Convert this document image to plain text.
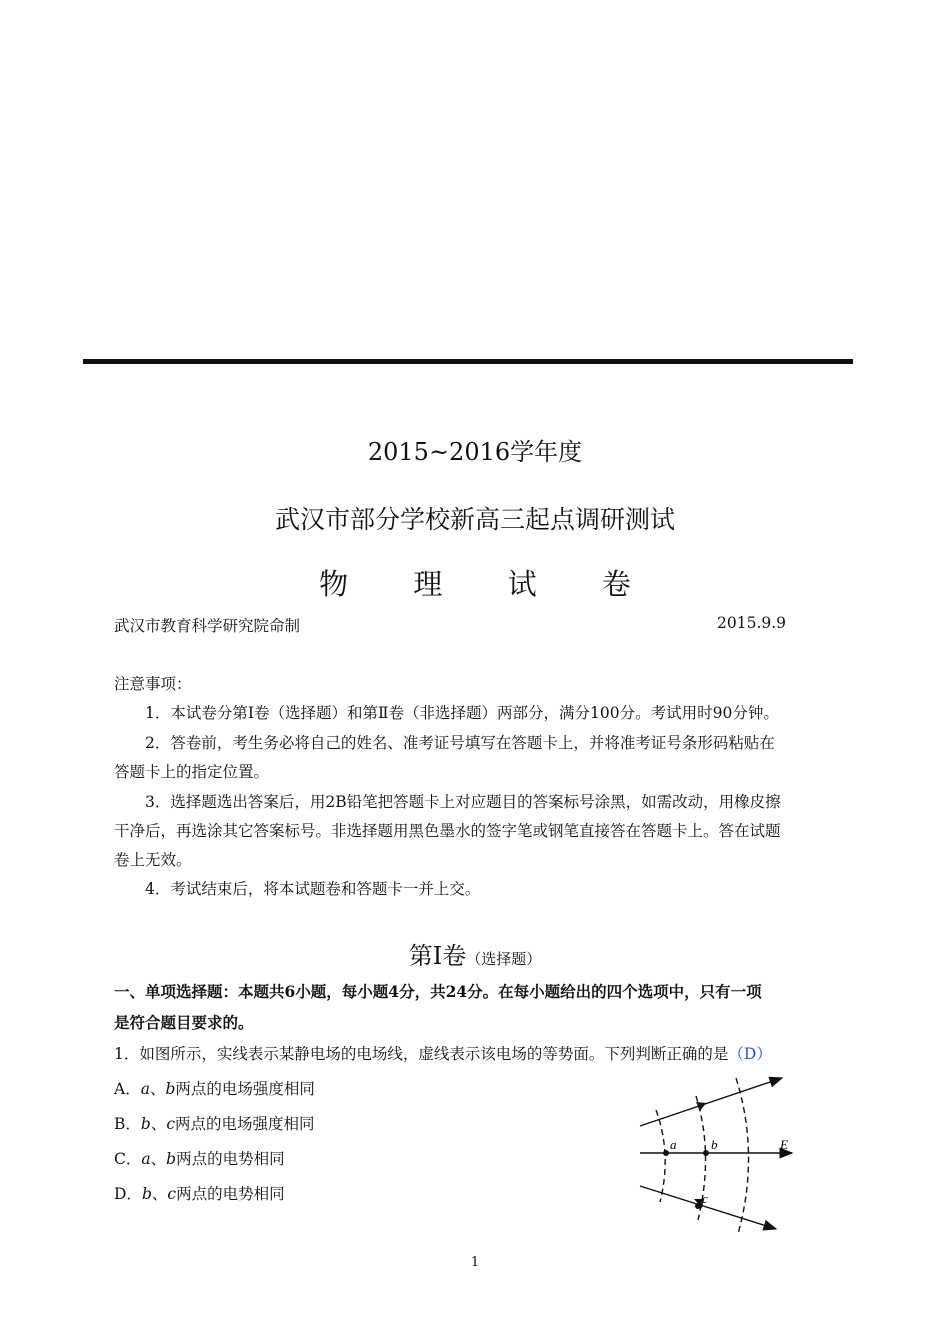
2015~2016学年度
武汉市部分学校新高三起点调研测试
物 理 试 卷
武汉市教育科学研究院命制	2015.9.9
注意事项：
1．本试卷分第Ⅰ卷（选择题）和第Ⅱ卷（非选择题）两部分，满分100分。考试用时90分钟。
2．答卷前，考生务必将自己的姓名、准考证号填写在答题卡上，并将准考证号条形码粘贴在
答题卡上的指定位置。
3．选择题选出答案后，用2B铅笔把答题卡上对应题目的答案标号涂黑，如需改动，用橡皮擦
干净后，再选涂其它答案标号。非选择题用黑色墨水的签字笔或钢笔直接答在答题卡上。答在试题
卷上无效。
4．考试结束后，将本试题卷和答题卡一并上交。
第Ⅰ卷（选择题）
一、单项选择题：本题共6小题，每小题4分，共24分。在每小题给出的四个选项中，只有一项
是符合题目要求的。
1．如图所示，实线表示某静电场的电场线，虚线表示该电场的等势面。下列判断正确的是（D）
A．a、b两点的电场强度相同
B．b、c两点的电场强度相同
C．a、b两点的电势相同
D．b、c两点的电势相同
a	b
c
E
1
